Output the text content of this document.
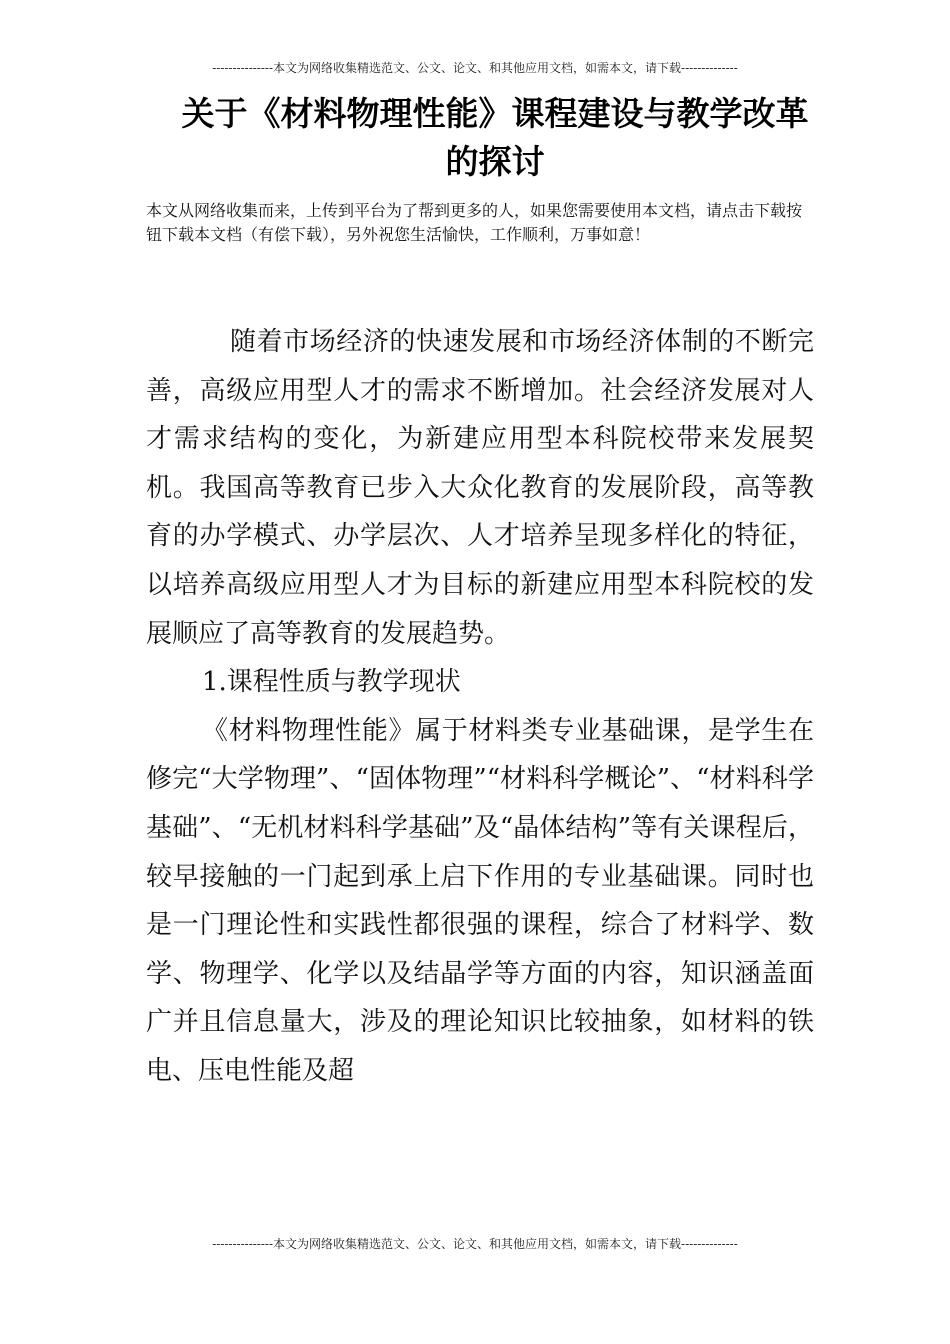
---------------本文为网络收集精选范文、公文、论文、和其他应用文档，如需本文，请下载--------------
关于《材料物理性能》课程建设与教学改革的探讨

本文从网络收集而来，上传到平台为了帮到更多的人，如果您需要使用本文档，请点击下载按钮下载本文档（有偿下载），另外祝您生活愉快，工作顺利，万事如意！

随着市场经济的快速发展和市场经济体制的不断完善，高级应用型人才的需求不断增加。社会经济发展对人才需求结构的变化，为新建应用型本科院校带来发展契机。我国高等教育已步入大众化教育的发展阶段，高等教育的办学模式、办学层次、人才培养呈现多样化的特征，以培养高级应用型人才为目标的新建应用型本科院校的发展顺应了高等教育的发展趋势。

1.课程性质与教学现状

《材料物理性能》属于材料类专业基础课，是学生在修完“大学物理”、“固体物理”“材料科学概论”、“材料科学基础”、“无机材料科学基础”及“晶体结构”等有关课程后，较早接触的一门起到承上启下作用的专业基础课。同时也是一门理论性和实践性都很强的课程，综合了材料学、数学、物理学、化学以及结晶学等方面的内容，知识涵盖面广并且信息量大，涉及的理论知识比较抽象，如材料的铁电、压电性能及超

---------------本文为网络收集精选范文、公文、论文、和其他应用文档，如需本文，请下载--------------
